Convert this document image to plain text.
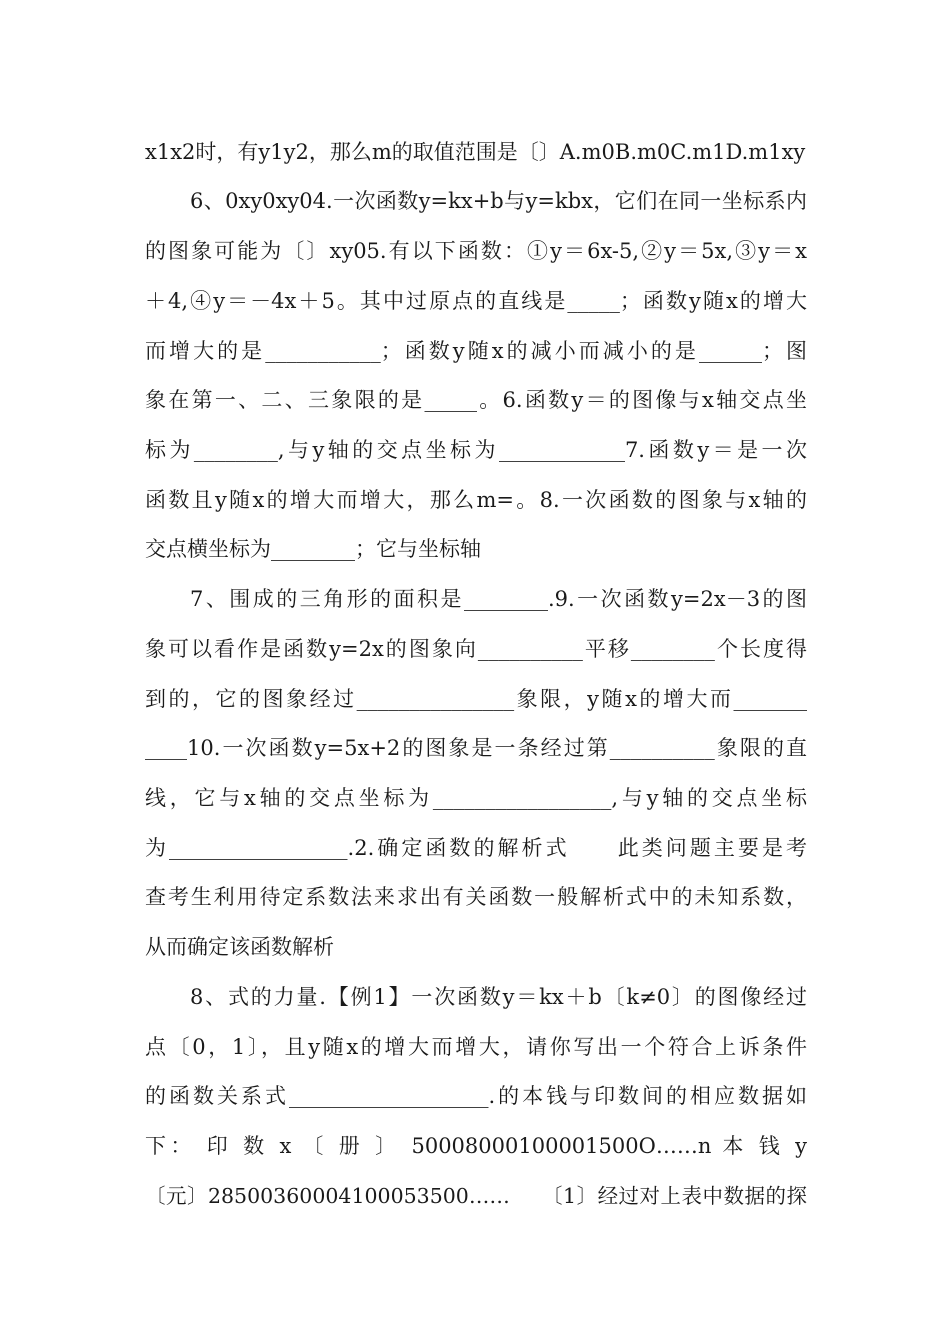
x1x2时，有y1y2，那么m的取值范围是〔〕A.m0B.m0C.m1D.m1xy
6、0xy0xy04.一次函数y=kx+b与y=kbx，它们在同一坐标系内
的图象可能为〔〕xy05.有以下函数：①y＝6x-5,②y＝5x,③y＝x
＋4,④y＝－4x＋5。其中过原点的直线是_____；函数y随x的增大
而增大的是___________；函数y随x的减小而减小的是______；图
象在第一、二、三象限的是_____。6.函数y＝的图像与x轴交点坐
标为________,与y轴的交点坐标为____________7.函数y＝是一次
函数且y随x的增大而增大，那么m=。8.一次函数的图象与x轴的
交点横坐标为________；它与坐标轴
7、围成的三角形的面积是________.9.一次函数y=2x－3的图
象可以看作是函数y=2x的图象向__________平移________个长度得
到的，它的图象经过_______________象限，y随x的增大而_______
____10.一次函数y=5x+2的图象是一条经过第__________象限的直
线，它与x轴的交点坐标为_________________,与y轴的交点坐标
为_________________.2.确定函数的解析式　　此类问题主要是考
查考生利用待定系数法来求出有关函数一般解析式中的未知系数，
从而确定该函数解析
8、式的力量.【例1】一次函数y＝kx＋b〔k≠0〕的图像经过
点〔0，1〕，且y随x的增大而增大，请你写出一个符合上诉条件
的函数关系式___________________.的本钱与印数间的相应数据如
下： 印 数 x 〔 册 〕 50008000100001500O……n 本 钱 y
〔元〕28500360004100053500……　　〔1〕经过对上表中数据的探
